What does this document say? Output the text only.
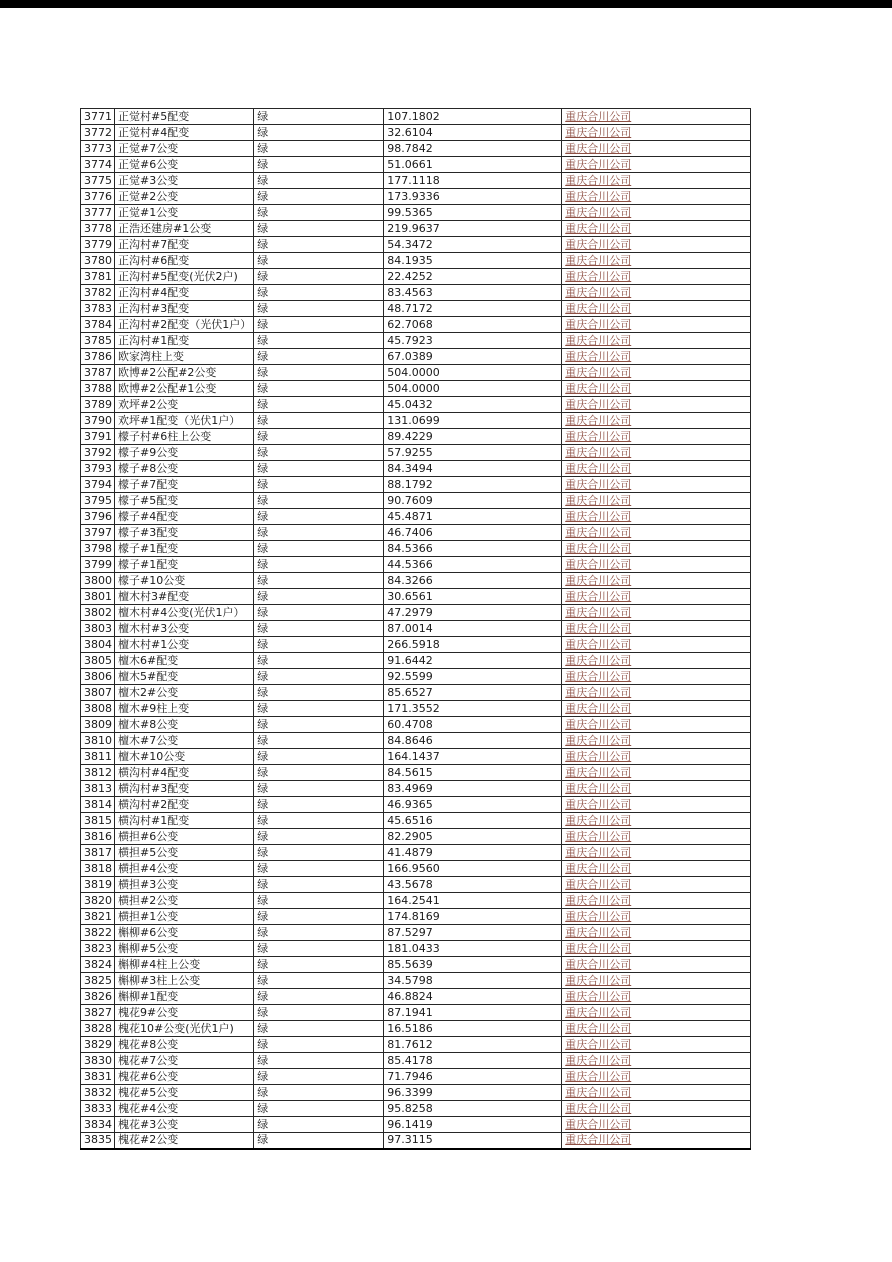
3771	正觉村#5配变	绿	107.1802	重庆合川公司
3772	正觉村#4配变	绿	32.6104	重庆合川公司
3773	正觉#7公变	绿	98.7842	重庆合川公司
3774	正觉#6公变	绿	51.0661	重庆合川公司
3775	正觉#3公变	绿	177.1118	重庆合川公司
3776	正觉#2公变	绿	173.9336	重庆合川公司
3777	正觉#1公变	绿	99.5365	重庆合川公司
3778	正浩还建房#1公变	绿	219.9637	重庆合川公司
3779	正沟村#7配变	绿	54.3472	重庆合川公司
3780	正沟村#6配变	绿	84.1935	重庆合川公司
3781	正沟村#5配变(光伏2户)	绿	22.4252	重庆合川公司
3782	正沟村#4配变	绿	83.4563	重庆合川公司
3783	正沟村#3配变	绿	48.7172	重庆合川公司
3784	正沟村#2配变（光伏1户）	绿	62.7068	重庆合川公司
3785	正沟村#1配变	绿	45.7923	重庆合川公司
3786	欧家湾柱上变	绿	67.0389	重庆合川公司
3787	欧博#2公配#2公变	绿	504.0000	重庆合川公司
3788	欧博#2公配#1公变	绿	504.0000	重庆合川公司
3789	欢坪#2公变	绿	45.0432	重庆合川公司
3790	欢坪#1配变（光伏1户）	绿	131.0699	重庆合川公司
3791	檬子村#6柱上公变	绿	89.4229	重庆合川公司
3792	檬子#9公变	绿	57.9255	重庆合川公司
3793	檬子#8公变	绿	84.3494	重庆合川公司
3794	檬子#7配变	绿	88.1792	重庆合川公司
3795	檬子#5配变	绿	90.7609	重庆合川公司
3796	檬子#4配变	绿	45.4871	重庆合川公司
3797	檬子#3配变	绿	46.7406	重庆合川公司
3798	檬子#1配变	绿	84.5366	重庆合川公司
3799	檬子#1配变	绿	44.5366	重庆合川公司
3800	檬子#10公变	绿	84.3266	重庆合川公司
3801	檀木村3#配变	绿	30.6561	重庆合川公司
3802	檀木村#4公变(光伏1户）	绿	47.2979	重庆合川公司
3803	檀木村#3公变	绿	87.0014	重庆合川公司
3804	檀木村#1公变	绿	266.5918	重庆合川公司
3805	檀木6#配变	绿	91.6442	重庆合川公司
3806	檀木5#配变	绿	92.5599	重庆合川公司
3807	檀木2#公变	绿	85.6527	重庆合川公司
3808	檀木#9柱上变	绿	171.3552	重庆合川公司
3809	檀木#8公变	绿	60.4708	重庆合川公司
3810	檀木#7公变	绿	84.8646	重庆合川公司
3811	檀木#10公变	绿	164.1437	重庆合川公司
3812	横沟村#4配变	绿	84.5615	重庆合川公司
3813	横沟村#3配变	绿	83.4969	重庆合川公司
3814	横沟村#2配变	绿	46.9365	重庆合川公司
3815	横沟村#1配变	绿	45.6516	重庆合川公司
3816	横担#6公变	绿	82.2905	重庆合川公司
3817	横担#5公变	绿	41.4879	重庆合川公司
3818	横担#4公变	绿	166.9560	重庆合川公司
3819	横担#3公变	绿	43.5678	重庆合川公司
3820	横担#2公变	绿	164.2541	重庆合川公司
3821	横担#1公变	绿	174.8169	重庆合川公司
3822	槲柳#6公变	绿	87.5297	重庆合川公司
3823	槲柳#5公变	绿	181.0433	重庆合川公司
3824	槲柳#4柱上公变	绿	85.5639	重庆合川公司
3825	槲柳#3柱上公变	绿	34.5798	重庆合川公司
3826	槲柳#1配变	绿	46.8824	重庆合川公司
3827	槐花9#公变	绿	87.1941	重庆合川公司
3828	槐花10#公变(光伏1户)	绿	16.5186	重庆合川公司
3829	槐花#8公变	绿	81.7612	重庆合川公司
3830	槐花#7公变	绿	85.4178	重庆合川公司
3831	槐花#6公变	绿	71.7946	重庆合川公司
3832	槐花#5公变	绿	96.3399	重庆合川公司
3833	槐花#4公变	绿	95.8258	重庆合川公司
3834	槐花#3公变	绿	96.1419	重庆合川公司
3835	槐花#2公变	绿	97.3115	重庆合川公司
